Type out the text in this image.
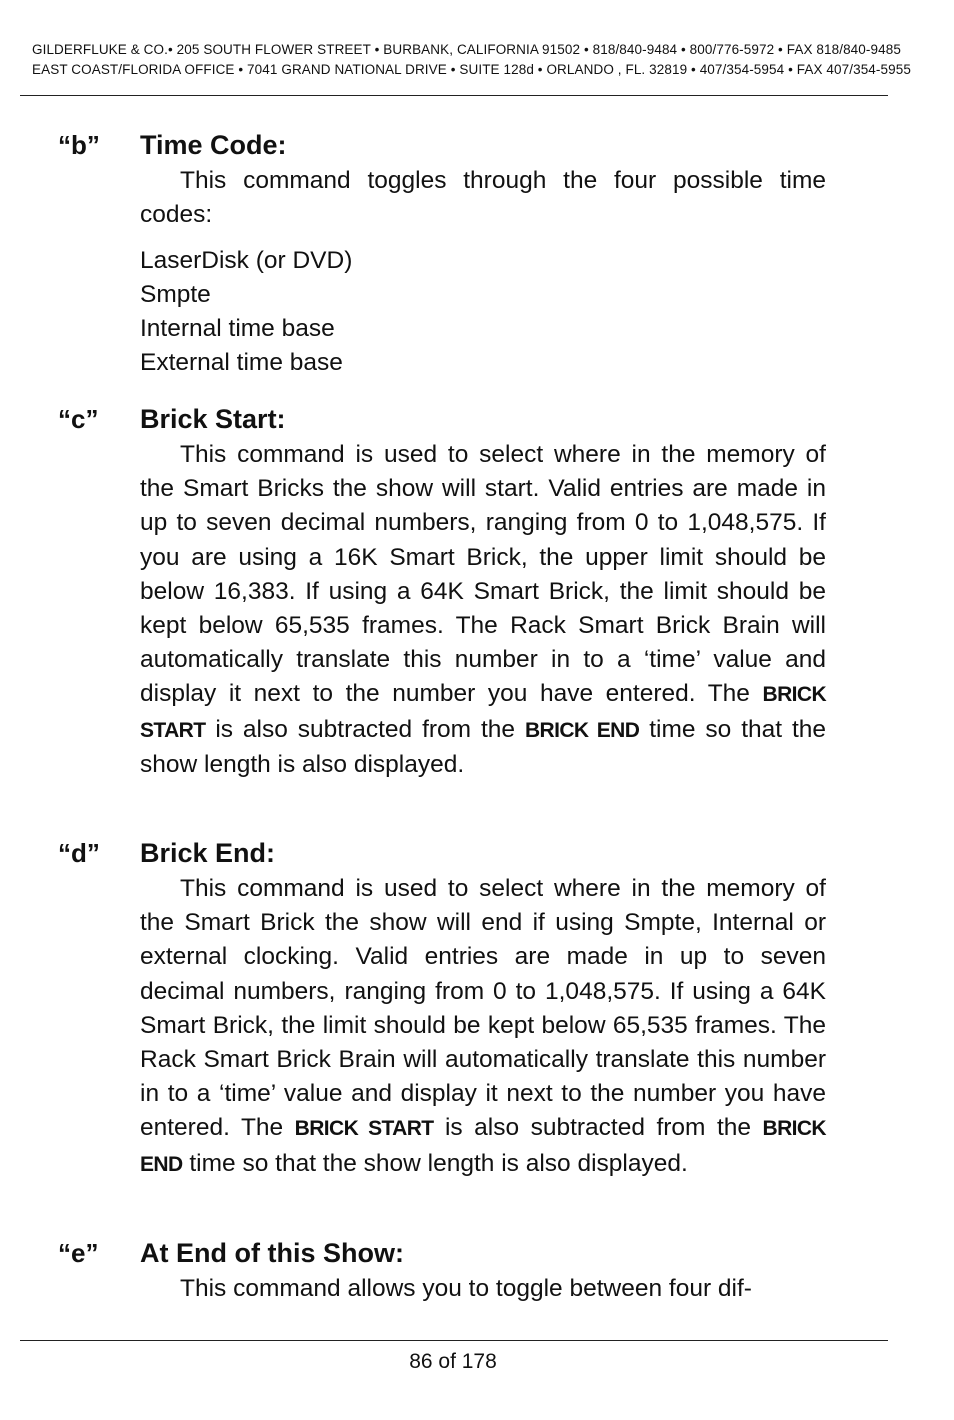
GILDERFLUKE & CO.• 205 SOUTH FLOWER STREET • BURBANK, CALIFORNIA 91502 • 818/840-9484 • 800/776-5972 • FAX 818/840-9485
EAST COAST/FLORIDA OFFICE • 7041 GRAND NATIONAL DRIVE • SUITE 128d • ORLANDO , FL. 32819 • 407/354-5954 • FAX 407/354-5955
“b” Time Code:

This command toggles through the four possible time codes:

LaserDisk (or DVD)
Smpte
Internal time base
External time base
“c” Brick Start:

This command is used to select where in the memory of the Smart Bricks the show will start. Valid entries are made in up to seven decimal numbers, ranging from 0 to 1,048,575. If you are using a 16K Smart Brick, the upper limit should be below 16,383. If using a 64K Smart Brick, the limit should be kept below 65,535 frames. The Rack Smart Brick Brain will automatically translate this number in to a ‘time’ value and display it next to the number you have entered. The BRICK START is also subtracted from the BRICK END time so that the show length is also displayed.

“d” Brick End:

This command is used to select where in the memory of the Smart Brick the show will end if using Smpte, Internal or external clocking. Valid entries are made in up to seven decimal numbers, ranging from 0 to 1,048,575. If using a 64K Smart Brick, the limit should be kept below 65,535 frames. The Rack Smart Brick Brain will automatically translate this number in to a ‘time’ value and display it next to the number you have entered. The BRICK START is also subtracted from the BRICK END time so that the show length is also displayed.

“e” At End of this Show:

This command allows you to toggle between four dif-

86 of 178
